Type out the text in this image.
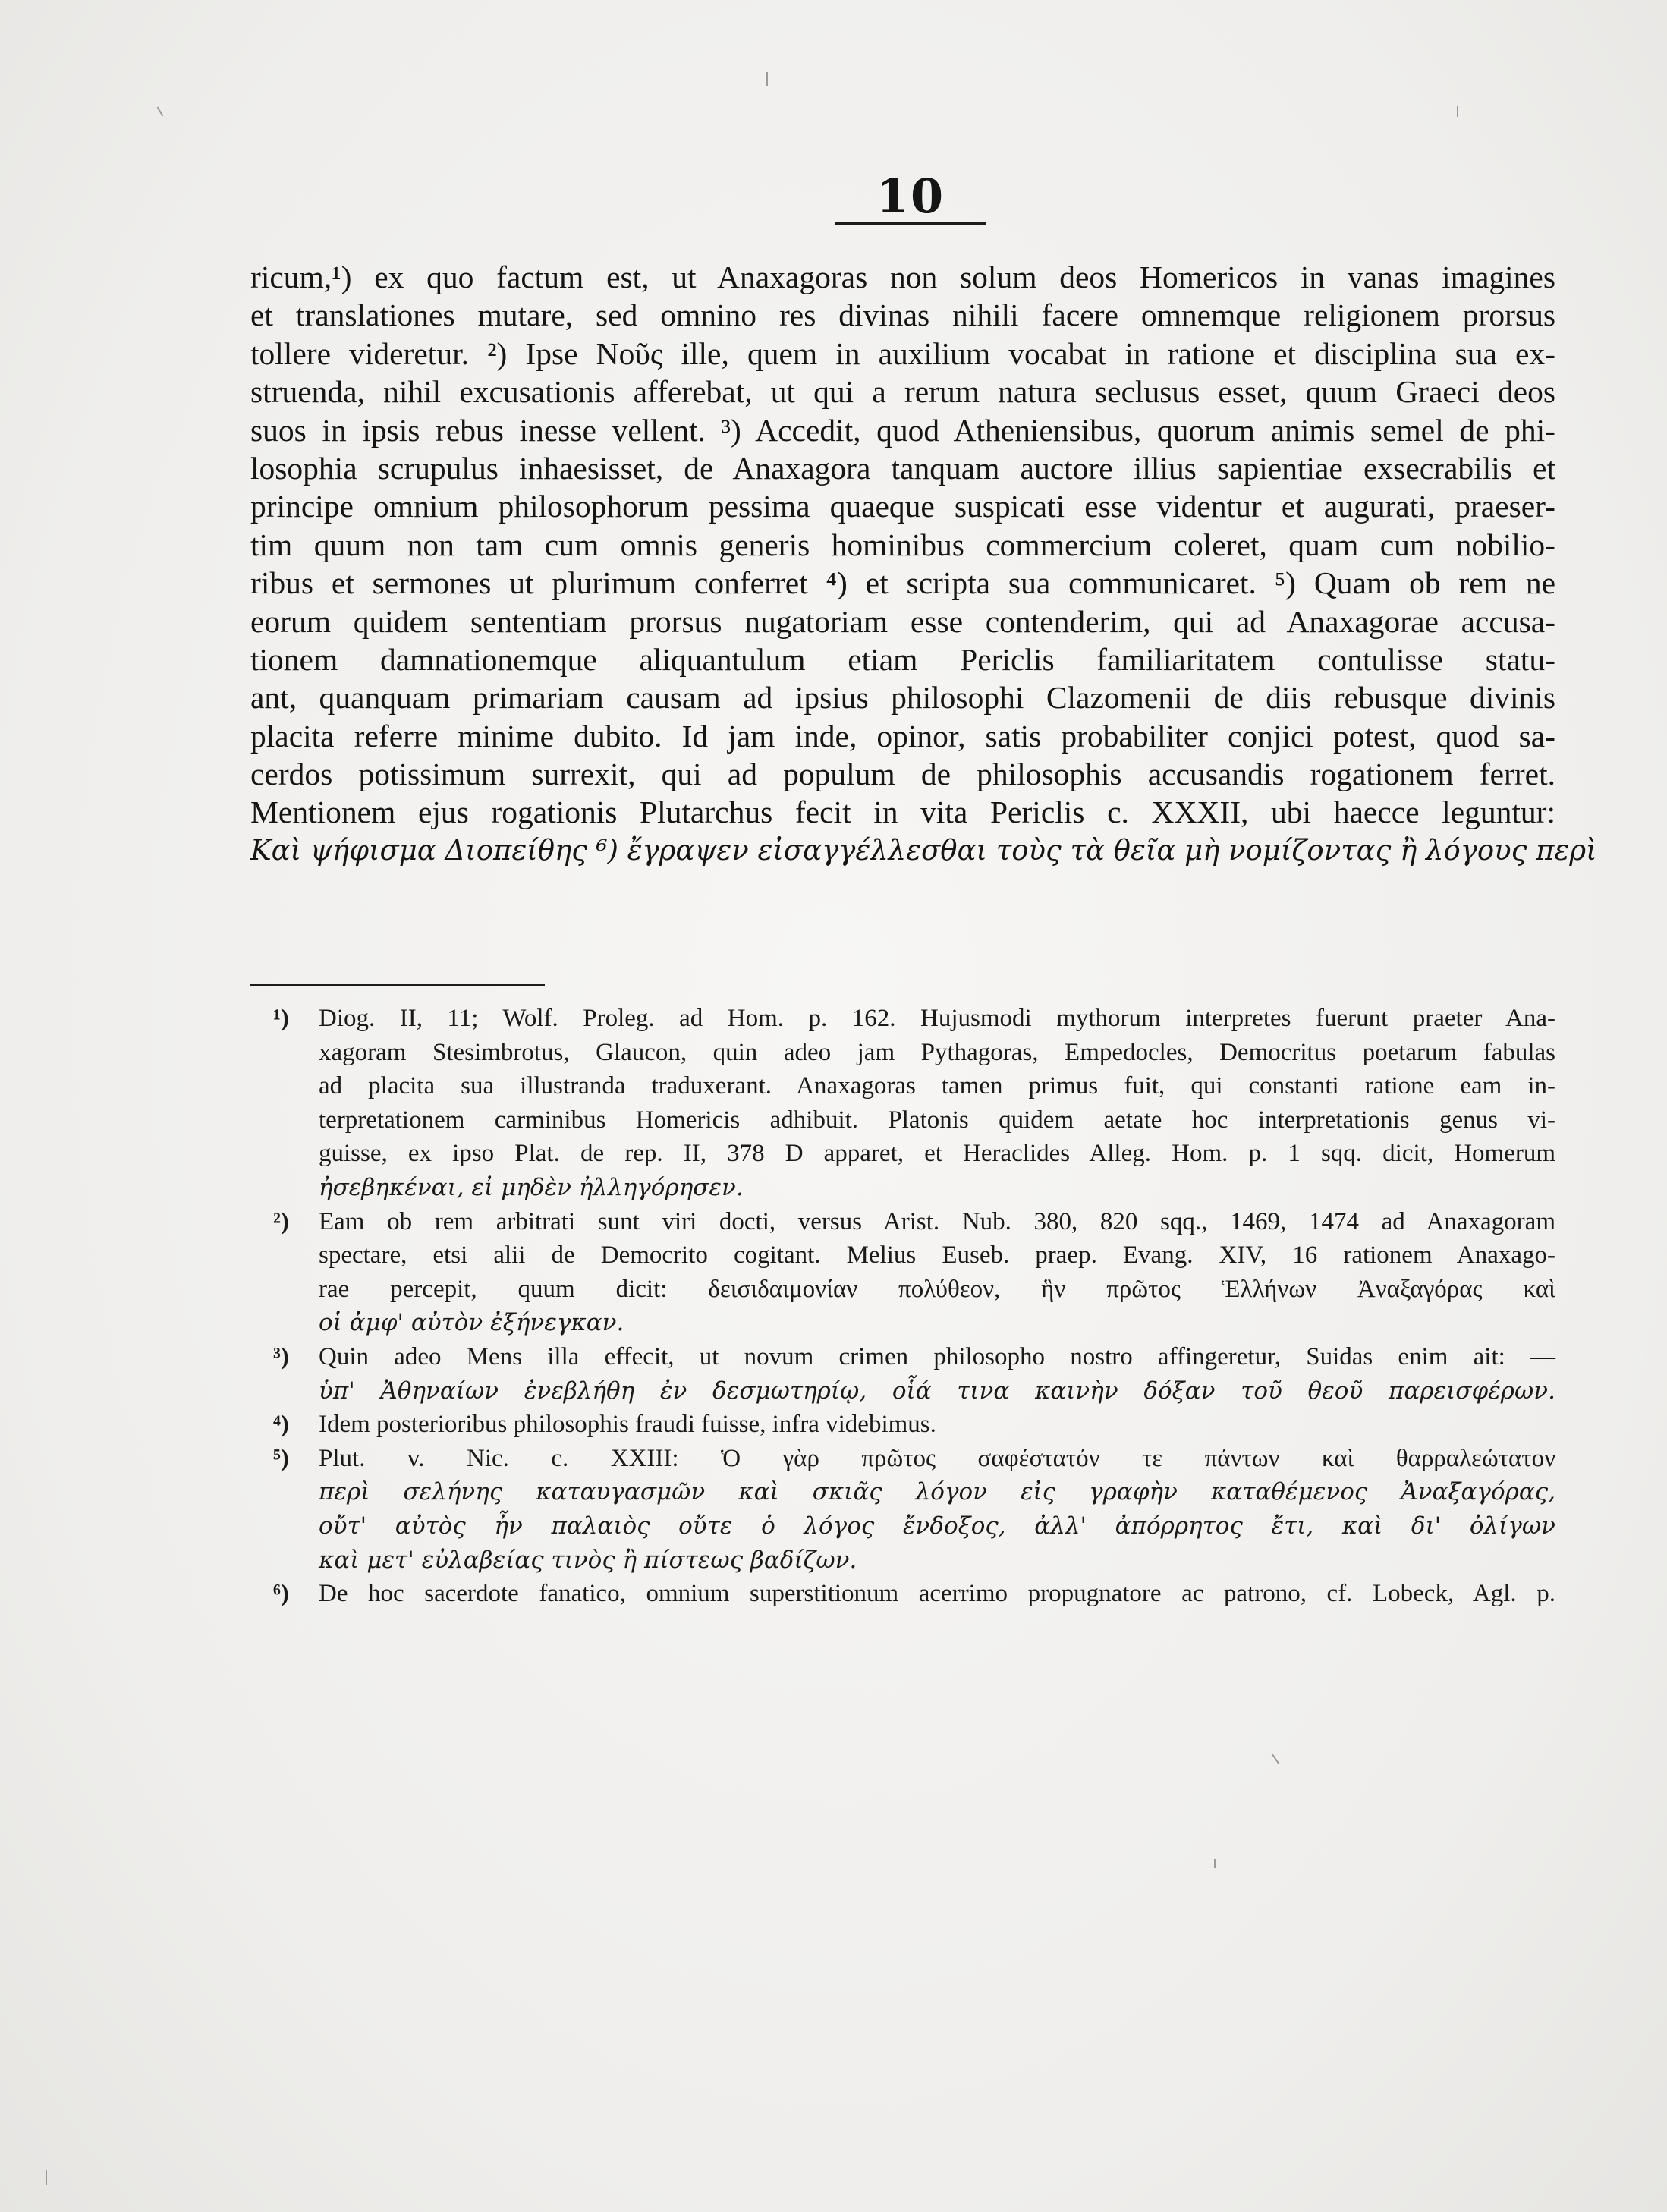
10
ricum,¹) ex quo factum est, ut Anaxagoras non solum deos Homericos in vanas imagines
et translationes mutare, sed omnino res divinas nihili facere omnemque religionem prorsus
tollere videretur. ²) Ipse Νοῦς ille, quem in auxilium vocabat in ratione et disciplina sua ex-
struenda, nihil excusationis afferebat, ut qui a rerum natura seclusus esset, quum Graeci deos
suos in ipsis rebus inesse vellent. ³) Accedit, quod Atheniensibus, quorum animis semel de phi-
losophia scrupulus inhaesisset, de Anaxagora tanquam auctore illius sapientiae exsecrabilis et
principe omnium philosophorum pessima quaeque suspicati esse videntur et augurati, praeser-
tim quum non tam cum omnis generis hominibus commercium coleret, quam cum nobilio-
ribus et sermones ut plurimum conferret ⁴) et scripta sua communicaret. ⁵) Quam ob rem ne
eorum quidem sententiam prorsus nugatoriam esse contenderim, qui ad Anaxagorae accusa-
tionem damnationemque aliquantulum etiam Periclis familiaritatem contulisse statu-
ant, quanquam primariam causam ad ipsius philosophi Clazomenii de diis rebusque divinis
placita referre minime dubito. Id jam inde, opinor, satis probabiliter conjici potest, quod sa-
cerdos potissimum surrexit, qui ad populum de philosophis accusandis rogationem ferret.
Mentionem ejus rogationis Plutarchus fecit in vita Periclis c. XXXII, ubi haecce leguntur:
Καὶ ψήφισμα Διοπείθης ⁶) ἔγραψεν εἰσαγγέλλεσθαι τοὺς τὰ θεῖα μὴ νομίζοντας ἢ λόγους περὶ
¹)	Diog. II, 11; Wolf. Proleg. ad Hom. p. 162. Hujusmodi mythorum interpretes fuerunt praeter Ana-
xagoram Stesimbrotus, Glaucon, quin adeo jam Pythagoras, Empedocles, Democritus poetarum fabulas
ad placita sua illustranda traduxerant. Anaxagoras tamen primus fuit, qui constanti ratione eam in-
terpretationem carminibus Homericis adhibuit. Platonis quidem aetate hoc interpretationis genus vi-
guisse, ex ipso Plat. de rep. II, 378 D apparet, et Heraclides Alleg. Hom. p. 1 sqq. dicit, Homerum
ἠσεβηκέναι, εἰ μηδὲν ἠλληγόρησεν.
²)	Eam ob rem arbitrati sunt viri docti, versus Arist. Nub. 380, 820 sqq., 1469, 1474 ad Anaxagoram
spectare, etsi alii de Democrito cogitant. Melius Euseb. praep. Evang. XIV, 16 rationem Anaxago-
rae percepit, quum dicit: δεισιδαιμονίαν πολύθεον, ἣν πρῶτος Ἑλλήνων Ἀναξαγόρας καὶ
οἱ ἀμφ' αὐτὸν ἐξήνεγκαν.
³)	Quin adeo Mens illa effecit, ut novum crimen philosopho nostro affingeretur, Suidas enim ait: —
ὑπ' Ἀθηναίων ἐνεβλήθη ἐν δεσμωτηρίῳ, οἷά τινα καινὴν δόξαν τοῦ θεοῦ παρεισφέρων.
⁴)	Idem posterioribus philosophis fraudi fuisse, infra videbimus.
⁵)	Plut. v. Nic. c. XXIII: Ὁ γὰρ πρῶτος σαφέστατόν τε πάντων καὶ θαρραλεώτατον
περὶ σελήνης καταυγασμῶν καὶ σκιᾶς λόγον εἰς γραφὴν καταθέμενος Ἀναξαγόρας,
οὔτ' αὐτὸς ἦν παλαιὸς οὔτε ὁ λόγος ἔνδοξος, ἀλλ' ἀπόρρητος ἔτι, καὶ δι' ὀλίγων
καὶ μετ' εὐλαβείας τινὸς ἢ πίστεως βαδίζων.
⁶)	De hoc sacerdote fanatico, omnium superstitionum acerrimo propugnatore ac patrono, cf. Lobeck, Agl. p.
